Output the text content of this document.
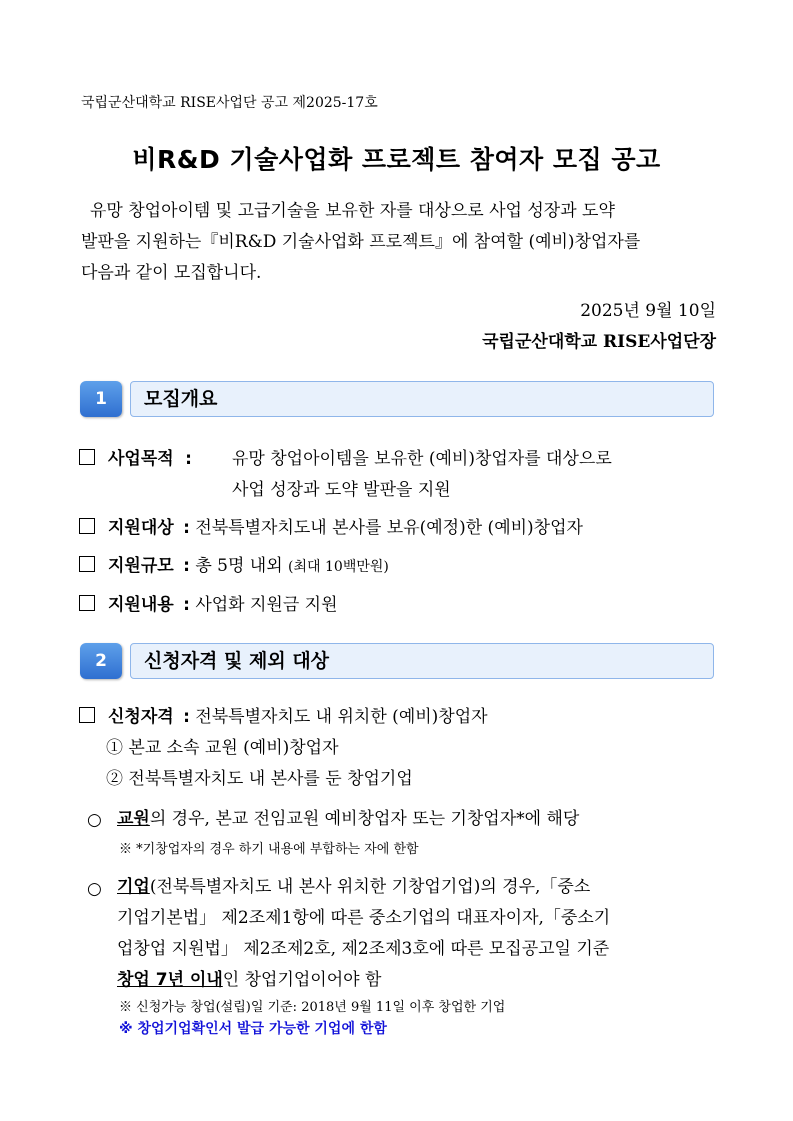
국립군산대학교 RISE사업단 공고 제2025-17호
비R&D 기술사업화 프로젝트 참여자 모집 공고

유망 창업아이템 및 고급기술을 보유한 자를 대상으로 사업 성장과 도약

발판을 지원하는『비R&D 기술사업화 프로젝트』에 참여할 (예비)창업자를

다음과 같이 모집합니다.

2025년 9월 10일
국립군산대학교 RISE사업단장
1	모집개요
사업목적 : 유망 창업아이템을 보유한 (예비)창업자를 대상으로
사업 성장과 도약 발판을 지원
지원대상 : 전북특별자치도내 본사를 보유(예정)한 (예비)창업자
지원규모 : 총 5명 내외 (최대 10백만원)
지원내용 : 사업화 지원금 지원
2	신청자격 및 제외 대상
신청자격 : 전북특별자치도 내 위치한 (예비)창업자
① 본교 소속 교원 (예비)창업자
② 전북특별자치도 내 본사를 둔 창업기업
○ 교원의 경우, 본교 전임교원 예비창업자 또는 기창업자*에 해당

※ *기창업자의 경우 하기 내용에 부합하는 자에 한함
○ 기업(전북특별자치도 내 본사 위치한 기창업기업)의 경우,「중소

기업기본법」 제2조제1항에 따른 중소기업의 대표자이자,「중소기

업창업 지원법」 제2조제2호, 제2조제3호에 따른 모집공고일 기준

창업 7년 이내인 창업기업이어야 함

※ 신청가능 창업(설립)일 기준: 2018년 9월 11일 이후 창업한 기업
※ 창업기업확인서 발급 가능한 기업에 한함
